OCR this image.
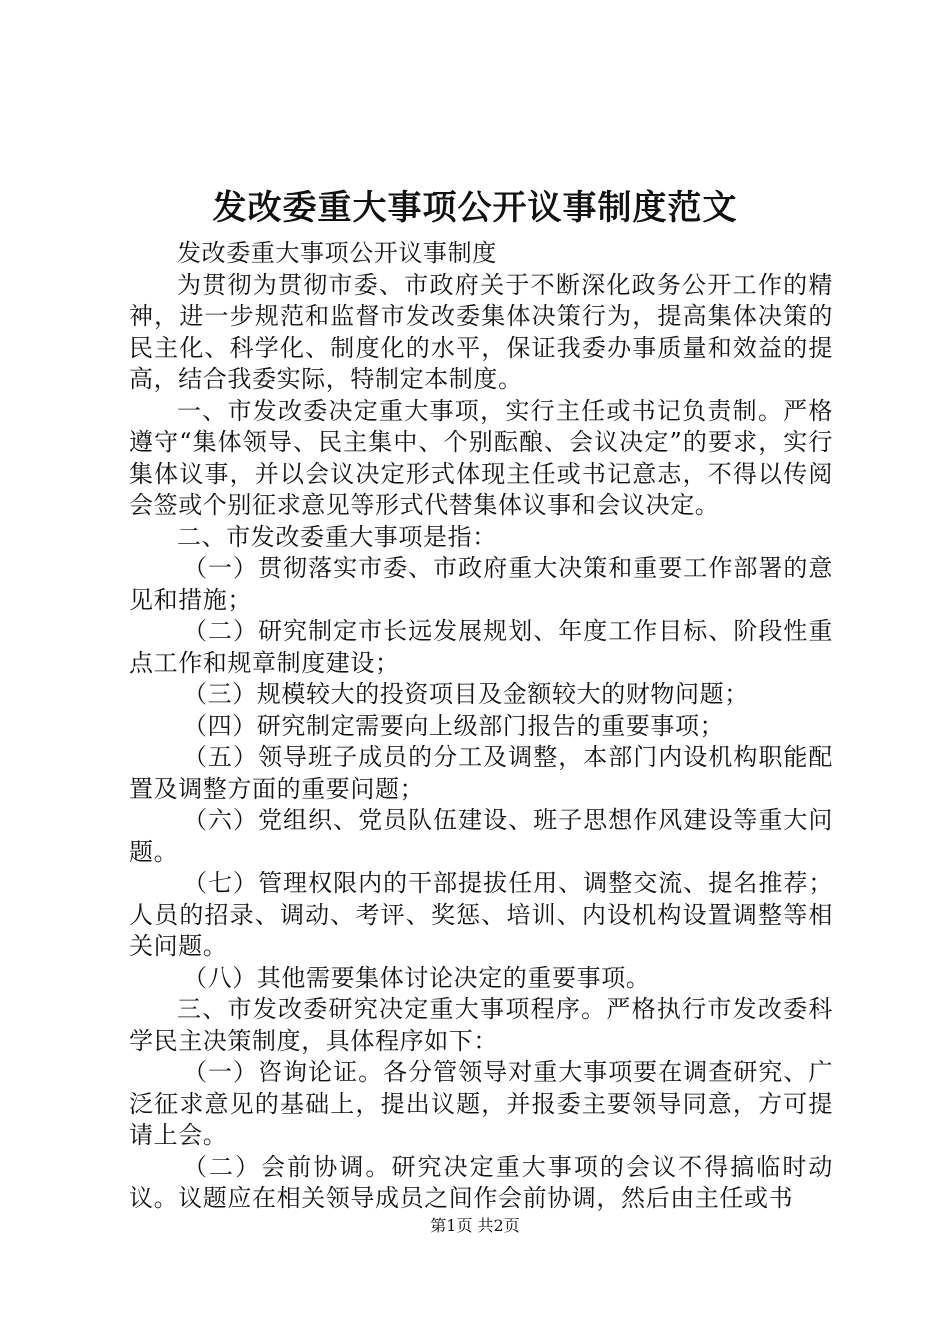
发改委重大事项公开议事制度范文

发改委重大事项公开议事制度

为贯彻为贯彻市委、市政府关于不断深化政务公开工作的精神，进一步规范和监督市发改委集体决策行为，提高集体决策的民主化、科学化、制度化的水平，保证我委办事质量和效益的提高，结合我委实际，特制定本制度。

一、市发改委决定重大事项，实行主任或书记负责制。严格遵守“集体领导、民主集中、个别酝酿、会议决定”的要求，实行集体议事，并以会议决定形式体现主任或书记意志，不得以传阅会签或个别征求意见等形式代替集体议事和会议决定。

二、市发改委重大事项是指：

（一）贯彻落实市委、市政府重大决策和重要工作部署的意见和措施；

（二）研究制定市长远发展规划、年度工作目标、阶段性重点工作和规章制度建设；

（三）规模较大的投资项目及金额较大的财物问题；

（四）研究制定需要向上级部门报告的重要事项；

（五）领导班子成员的分工及调整，本部门内设机构职能配置及调整方面的重要问题；

（六）党组织、党员队伍建设、班子思想作风建设等重大问题。

（七）管理权限内的干部提拔任用、调整交流、提名推荐；人员的招录、调动、考评、奖惩、培训、内设机构设置调整等相关问题。

（八）其他需要集体讨论决定的重要事项。

三、市发改委研究决定重大事项程序。严格执行市发改委科学民主决策制度，具体程序如下：

（一）咨询论证。各分管领导对重大事项要在调查研究、广泛征求意见的基础上，提出议题，并报委主要领导同意，方可提请上会。

（二）会前协调。研究决定重大事项的会议不得搞临时动议。议题应在相关领导成员之间作会前协调，然后由主任或书

第1页 共2页
